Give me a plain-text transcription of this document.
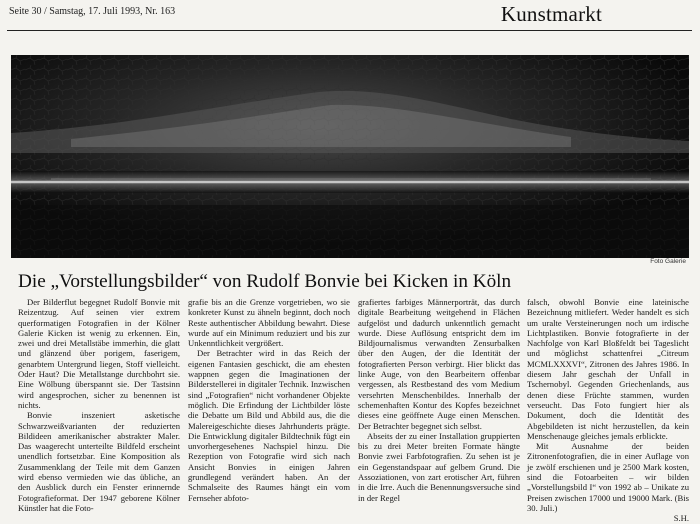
Seite 30 / Samstag, 17. Juli 1993, Nr. 163	Kunstmarkt
Foto Galerie
Die „Vorstellungsbilder“ von Rudolf Bonvie bei Kicken in Köln

Der Bilderflut begegnet Rudolf Bonvie mit Reizentzug. Auf seinen vier extrem querformatigen Fotografien in der Kölner Galerie Kicken ist wenig zu erkennen. Ein, zwei und drei Metallstäbe immerhin, die glatt und glänzend über porigem, faserigem, genarbtem Untergrund liegen, Stoff vielleicht. Oder Haut? Die Metallstange durchbohrt sie. Eine Wölbung überspannt sie. Der Tastsinn wird angesprochen, sicher zu benennen ist nichts.

Bonvie inszeniert asketische Schwarzweißvarianten der reduzierten Bildideen amerikanischer abstrakter Maler. Das waagerecht unterteilte Bildfeld erscheint unendlich fortsetzbar. Eine Komposition als Zusammenklang der Teile mit dem Ganzen wird ebenso vermieden wie das übliche, an den Ausblick durch ein Fenster erinnernde Fotografieformat. Der 1947 geborene Kölner Künstler hat die Foto-

grafie bis an die Grenze vorgetrieben, wo sie konkreter Kunst zu ähneln beginnt, doch noch Reste authentischer Abbildung bewahrt. Diese wurde auf ein Minimum reduziert und bis zur Unkenntlichkeit vergrößert.

Der Betrachter wird in das Reich der eigenen Fantasien geschickt, die am ehesten wappnen gegen die Imaginationen der Bilderstellerei in digitaler Technik. Inzwischen sind „Fotografien“ nicht vorhandener Objekte möglich. Die Erfindung der Lichtbilder löste die Debatte um Bild und Abbild aus, die die Malereigeschichte dieses Jahrhunderts prägte. Die Entwicklung digitaler Bildtechnik fügt ein unvorhergesehenes Nachspiel hinzu. Die Rezeption von Fotografie wird sich nach Ansicht Bonvies in einigen Jahren grundlegend verändert haben. An der Schmalseite des Raumes hängt ein vom Fernseher abfoto-

grafiertes farbiges Männerporträt, das durch digitale Bearbeitung weitgehend in Flächen aufgelöst und dadurch unkenntlich gemacht wurde. Diese Auflösung entspricht dem im Bildjournalismus verwandten Zensurbalken über den Augen, der die Identität der fotografierten Person verbirgt. Hier blickt das linke Auge, von den Bearbeitern offenbar vergessen, als Restbestand des vom Medium versehrten Menschenbildes. Innerhalb der schemenhaften Kontur des Kopfes bezeichnet dieses eine geöffnete Auge einen Menschen. Der Betrachter begegnet sich selbst.

Abseits der zu einer Installation gruppierten bis zu drei Meter breiten Formate hängte Bonvie zwei Farbfotografien. Zu sehen ist je ein Gegenstandspaar auf gelbem Grund. Die Assoziationen, von zart erotischer Art, führen in die Irre. Auch die Benennungsversuche sind in der Regel

falsch, obwohl Bonvie eine lateinische Bezeichnung mitliefert. Weder handelt es sich um uralte Versteinerungen noch um irdische Lichtplastiken. Bonvie fotografierte in der Nachfolge von Karl Bloßfeldt bei Tageslicht und möglichst schattenfrei „Citreum MCMLXXXVI“, Zitronen des Jahres 1986. In diesem Jahr geschah der Unfall in Tschernobyl. Gegenden Griechenlands, aus denen diese Früchte stammen, wurden verseucht. Das Foto fungiert hier als Dokument, doch die Identität des Abgebildeten ist nicht herzustellen, da kein Menschenauge gleiches jemals erblickte.

Mit Ausnahme der beiden Zitronenfotografien, die in einer Auflage von je zwölf erschienen und je 2500 Mark kosten, sind die Fotoarbeiten – wir bilden „Vorstellungsbild I“ von 1992 ab – Unikate zu Preisen zwischen 17000 und 19000 Mark. (Bis 30. Juli.)

S.H.
